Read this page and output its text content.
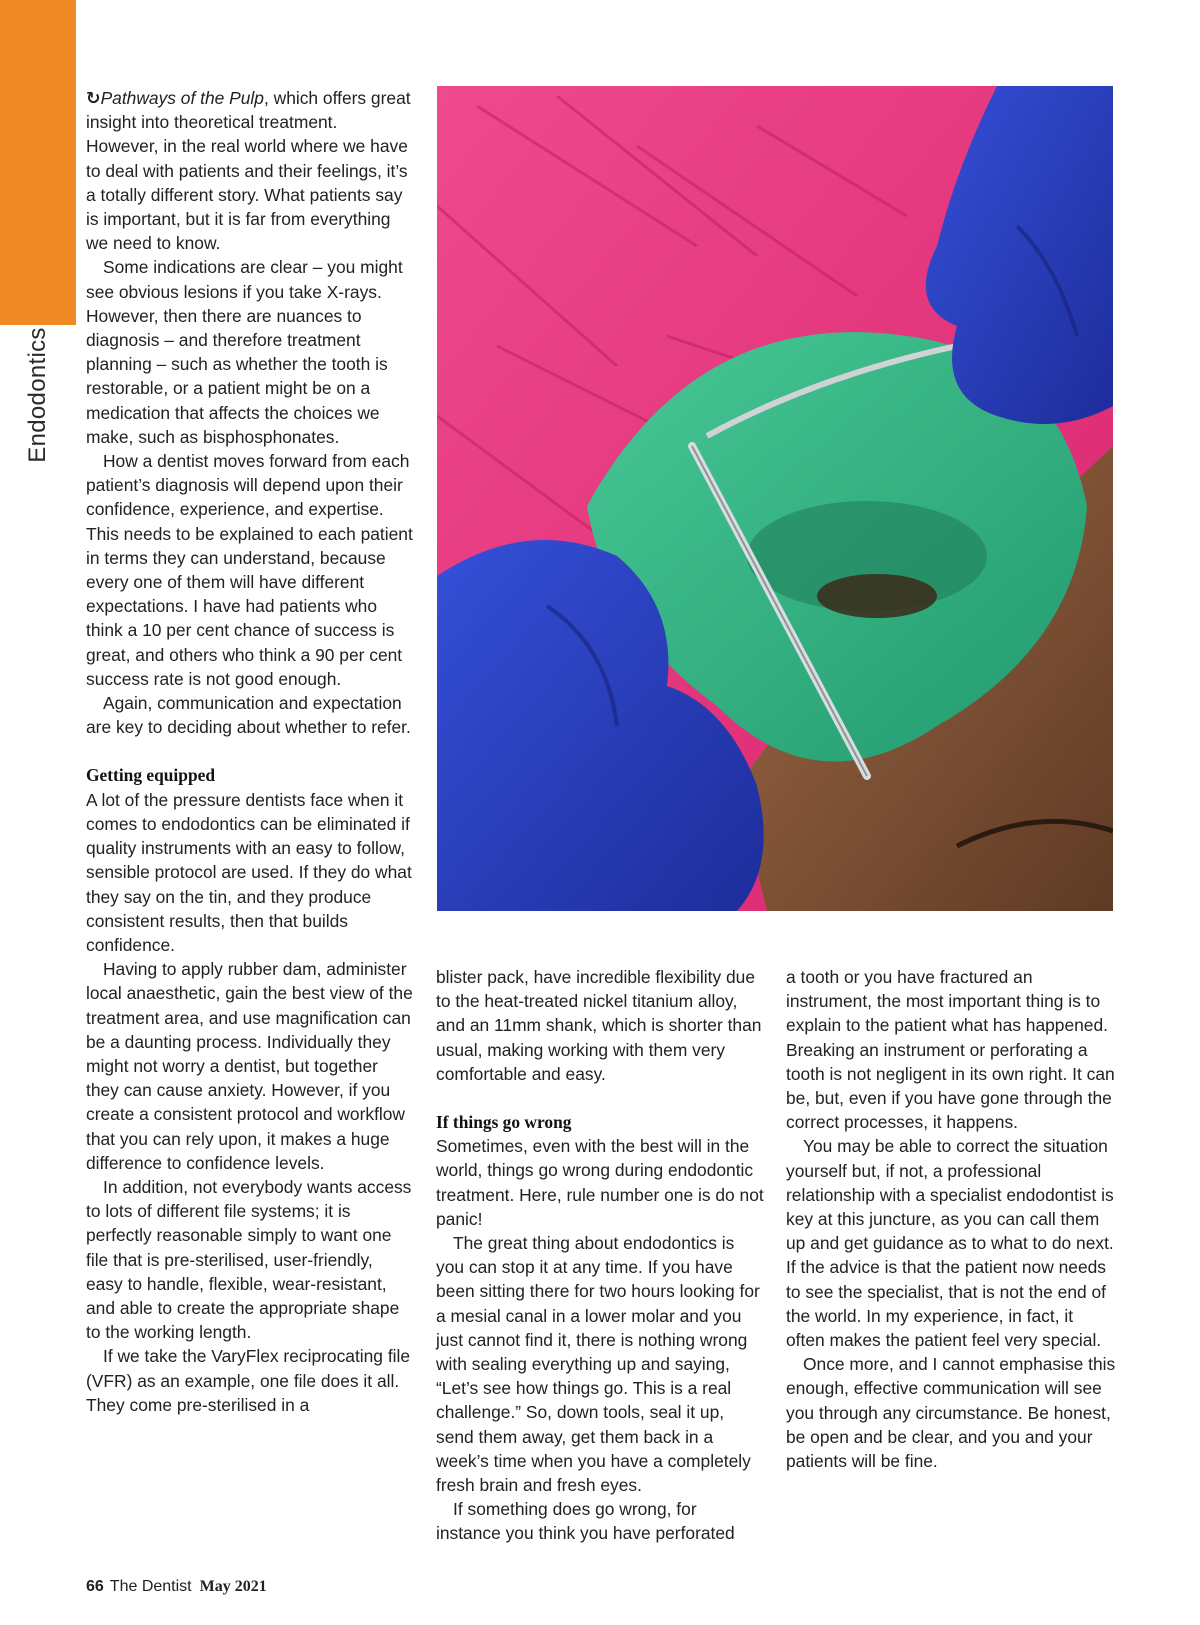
Endodontics

↻Pathways of the Pulp, which offers great insight into theoretical treatment. However, in the real world where we have to deal with patients and their feelings, it’s a totally different story. What patients say is important, but it is far from everything we need to know.

Some indications are clear – you might see obvious lesions if you take X-rays. However, then there are nuances to diagnosis – and therefore treatment planning – such as whether the tooth is restorable, or a patient might be on a medication that affects the choices we make, such as bisphosphonates.

How a dentist moves forward from each patient’s diagnosis will depend upon their confidence, experience, and expertise. This needs to be explained to each patient in terms they can understand, because every one of them will have different expectations. I have had patients who think a 10 per cent chance of success is great, and others who think a 90 per cent success rate is not good enough.

Again, communication and expectation are key to deciding about whether to refer.

Getting equipped

A lot of the pressure dentists face when it comes to endodontics can be eliminated if quality instruments with an easy to follow, sensible protocol are used. If they do what they say on the tin, and they produce consistent results, then that builds confidence.

Having to apply rubber dam, administer local anaesthetic, gain the best view of the treatment area, and use magnification can be a daunting process. Individually they might not worry a dentist, but together they can cause anxiety. However, if you create a consistent protocol and workflow that you can rely upon, it makes a huge difference to confidence levels.

In addition, not everybody wants access to lots of different file systems; it is perfectly reasonable simply to want one file that is pre-sterilised, user-friendly, easy to handle, flexible, wear-resistant, and able to create the appropriate shape to the working length.

If we take the VaryFlex reciprocating file (VFR) as an example, one file does it all. They come pre-sterilised in a

blister pack, have incredible flexibility due to the heat-treated nickel titanium alloy, and an 11mm shank, which is shorter than usual, making working with them very comfortable and easy.

If things go wrong

Sometimes, even with the best will in the world, things go wrong during endodontic treatment. Here, rule number one is do not panic!

The great thing about endodontics is you can stop it at any time. If you have been sitting there for two hours looking for a mesial canal in a lower molar and you just cannot find it, there is nothing wrong with sealing everything up and saying, “Let’s see how things go. This is a real challenge.” So, down tools, seal it up, send them away, get them back in a week’s time when you have a completely fresh brain and fresh eyes.

If something does go wrong, for instance you think you have perforated

a tooth or you have fractured an instrument, the most important thing is to explain to the patient what has happened. Breaking an instrument or perforating a tooth is not negligent in its own right. It can be, but, even if you have gone through the correct processes, it happens.

You may be able to correct the situation yourself but, if not, a professional relationship with a specialist endodontist is key at this juncture, as you can call them up and get guidance as to what to do next. If the advice is that the patient now needs to see the specialist, that is not the end of the world. In my experience, in fact, it often makes the patient feel very special.

Once more, and I cannot emphasise this enough, effective communication will see you through any circumstance. Be honest, be open and be clear, and you and your patients will be fine.

66 The Dentist May 2021
